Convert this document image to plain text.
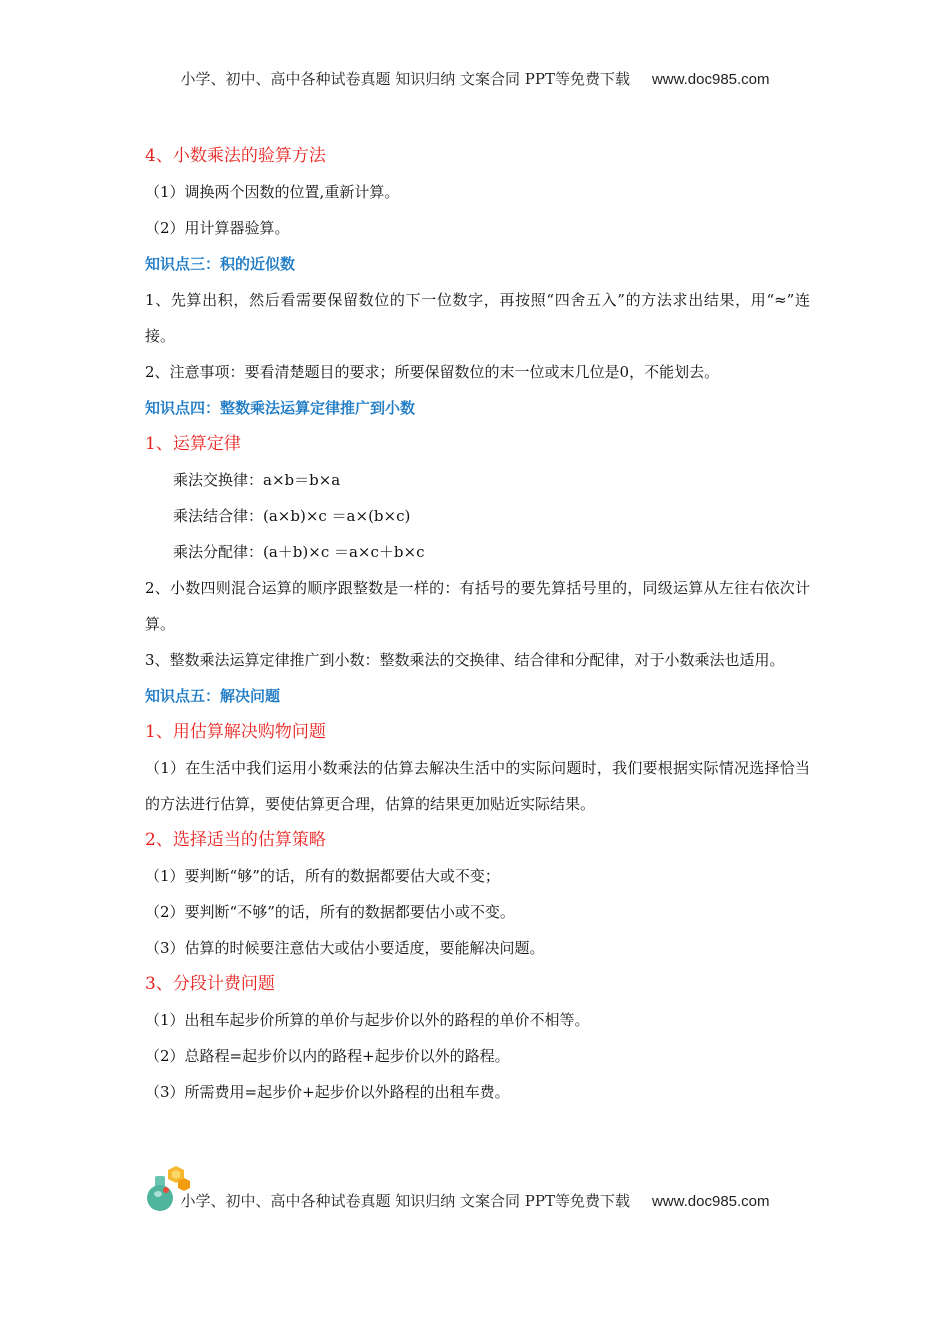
小学、初中、高中各种试卷真题 知识归纳 文案合同 PPT等免费下载 www.doc985.com
4、小数乘法的验算方法
（1）调换两个因数的位置,重新计算。
（2）用计算器验算。
知识点三：积的近似数
1、先算出积，然后看需要保留数位的下一位数字，再按照“四舍五入”的方法求出结果，用“≈”连接。
2、注意事项：要看清楚题目的要求；所要保留数位的末一位或末几位是0，不能划去。
知识点四：整数乘法运算定律推广到小数
1、运算定律
乘法交换律：a×b＝b×a
乘法结合律：(a×b)×c ＝a×(b×c)
乘法分配律：(a＋b)×c ＝a×c＋b×c
2、小数四则混合运算的顺序跟整数是一样的：有括号的要先算括号里的，同级运算从左往右依次计算。
3、整数乘法运算定律推广到小数：整数乘法的交换律、结合律和分配律，对于小数乘法也适用。
知识点五：解决问题
1、用估算解决购物问题
（1）在生活中我们运用小数乘法的估算去解决生活中的实际问题时，我们要根据实际情况选择恰当的方法进行估算，要使估算更合理，估算的结果更加贴近实际结果。
2、选择适当的估算策略
（1）要判断“够”的话，所有的数据都要估大或不变；
（2）要判断“不够”的话，所有的数据都要估小或不变。
（3）估算的时候要注意估大或估小要适度，要能解决问题。
3、分段计费问题
（1）出租车起步价所算的单价与起步价以外的路程的单价不相等。
（2）总路程=起步价以内的路程+起步价以外的路程。
（3）所需费用=起步价+起步价以外路程的出租车费。
小学、初中、高中各种试卷真题 知识归纳 文案合同 PPT等免费下载 www.doc985.com
